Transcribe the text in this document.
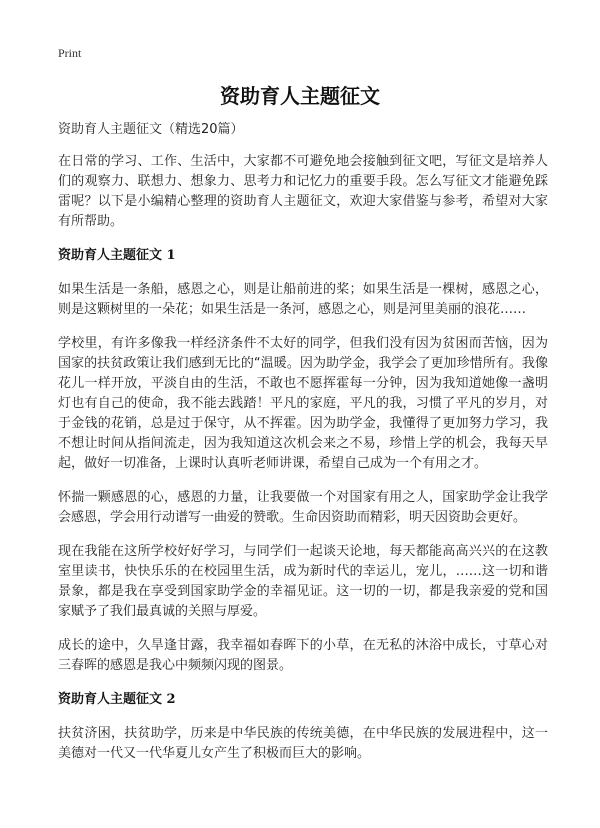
Print
资助育人主题征文

资助育人主题征文（精选20篇）

在日常的学习、工作、生活中，大家都不可避免地会接触到征文吧，写征文是培养人们的观察力、联想力、想象力、思考力和记忆力的重要手段。怎么写征文才能避免踩雷呢？以下是小编精心整理的资助育人主题征文，欢迎大家借鉴与参考，希望对大家有所帮助。

资助育人主题征文 1

如果生活是一条船，感恩之心，则是让船前进的桨；如果生活是一棵树，感恩之心，则是这颗树里的一朵花；如果生活是一条河，感恩之心，则是河里美丽的浪花……

学校里，有许多像我一样经济条件不太好的同学，但我们没有因为贫困而苦恼，因为国家的扶贫政策让我们感到无比的“温暖。因为助学金，我学会了更加珍惜所有。我像花儿一样开放，平淡自由的生活，不敢也不愿挥霍每一分钟，因为我知道她像一盏明灯也有自己的使命，我不能去践踏！平凡的家庭，平凡的我，习惯了平凡的岁月，对于金钱的花销，总是过于保守，从不挥霍。因为助学金，我懂得了更加努力学习，我不想让时间从指间流走，因为我知道这次机会来之不易，珍惜上学的机会，我每天早起，做好一切准备，上课时认真听老师讲课，希望自己成为一个有用之才。

怀揣一颗感恩的心，感恩的力量，让我要做一个对国家有用之人，国家助学金让我学会感恩，学会用行动谱写一曲爱的赞歌。生命因资助而精彩，明天因资助会更好。

现在我能在这所学校好好学习，与同学们一起谈天论地，每天都能高高兴兴的在这教室里读书，快快乐乐的在校园里生活，成为新时代的幸运儿，宠儿，……这一切和谐景象，都是我在享受到国家助学金的幸福见证。这一切的一切，都是我亲爱的党和国家赋予了我们最真诚的关照与厚爱。

成长的途中，久旱逢甘露，我幸福如春晖下的小草，在无私的沐浴中成长，寸草心对三春晖的感恩是我心中频频闪现的图景。

资助育人主题征文 2

扶贫济困，扶贫助学，历来是中华民族的传统美德，在中华民族的发展进程中，这一美德对一代又一代华夏儿女产生了积极而巨大的影响。
